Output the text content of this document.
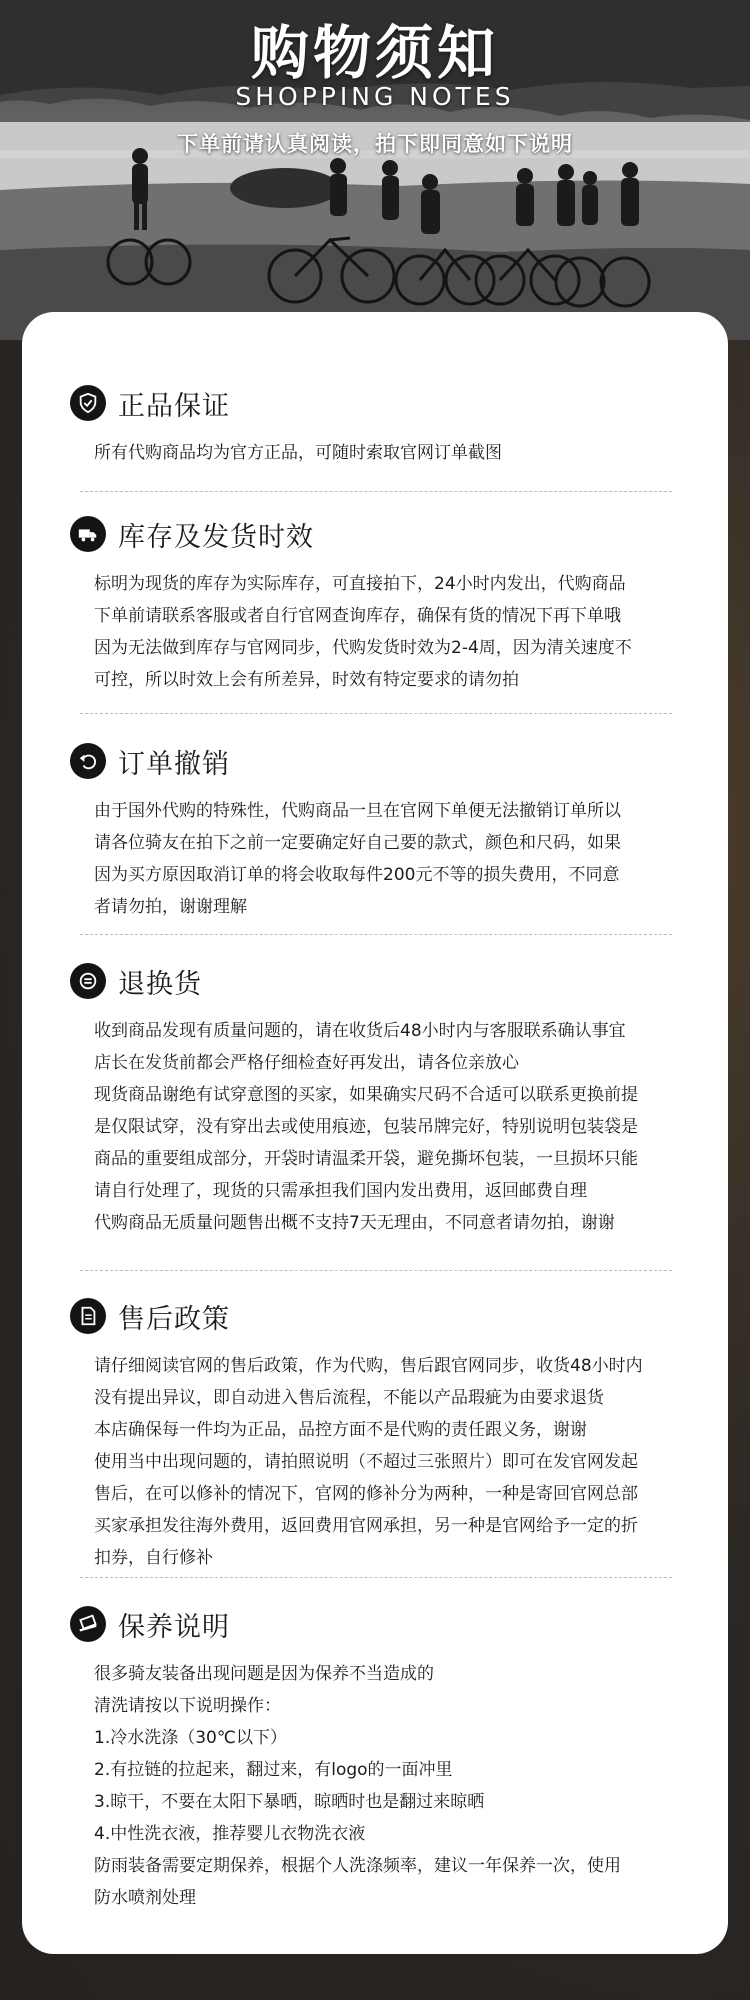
购物须知
SHOPPING NOTES
下单前请认真阅读，拍下即同意如下说明
正品保证
所有代购商品均为官方正品，可随时索取官网订单截图
库存及发货时效
标明为现货的库存为实际库存，可直接拍下，24小时内发出，代购商品
下单前请联系客服或者自行官网查询库存，确保有货的情况下再下单哦
因为无法做到库存与官网同步，代购发货时效为2-4周，因为清关速度不
可控，所以时效上会有所差异，时效有特定要求的请勿拍
订单撤销
由于国外代购的特殊性，代购商品一旦在官网下单便无法撤销订单所以
请各位骑友在拍下之前一定要确定好自己要的款式，颜色和尺码，如果
因为买方原因取消订单的将会收取每件200元不等的损失费用，不同意
者请勿拍，谢谢理解
退换货
收到商品发现有质量问题的，请在收货后48小时内与客服联系确认事宜
店长在发货前都会严格仔细检查好再发出，请各位亲放心
现货商品谢绝有试穿意图的买家，如果确实尺码不合适可以联系更换前提
是仅限试穿，没有穿出去或使用痕迹，包装吊牌完好，特别说明包装袋是
商品的重要组成部分，开袋时请温柔开袋，避免撕坏包装，一旦损坏只能
请自行处理了，现货的只需承担我们国内发出费用，返回邮费自理
代购商品无质量问题售出概不支持7天无理由，不同意者请勿拍，谢谢
售后政策
请仔细阅读官网的售后政策，作为代购，售后跟官网同步，收货48小时内
没有提出异议，即自动进入售后流程，不能以产品瑕疵为由要求退货
本店确保每一件均为正品，品控方面不是代购的责任跟义务，谢谢
使用当中出现问题的，请拍照说明（不超过三张照片）即可在发官网发起
售后，在可以修补的情况下，官网的修补分为两种，一种是寄回官网总部
买家承担发往海外费用，返回费用官网承担，另一种是官网给予一定的折
扣券，自行修补
保养说明
很多骑友装备出现问题是因为保养不当造成的
清洗请按以下说明操作：
1.冷水洗涤（30℃以下）
2.有拉链的拉起来，翻过来，有logo的一面冲里
3.晾干，不要在太阳下暴晒，晾晒时也是翻过来晾晒
4.中性洗衣液，推荐婴儿衣物洗衣液
防雨装备需要定期保养，根据个人洗涤频率，建议一年保养一次，使用
防水喷剂处理
